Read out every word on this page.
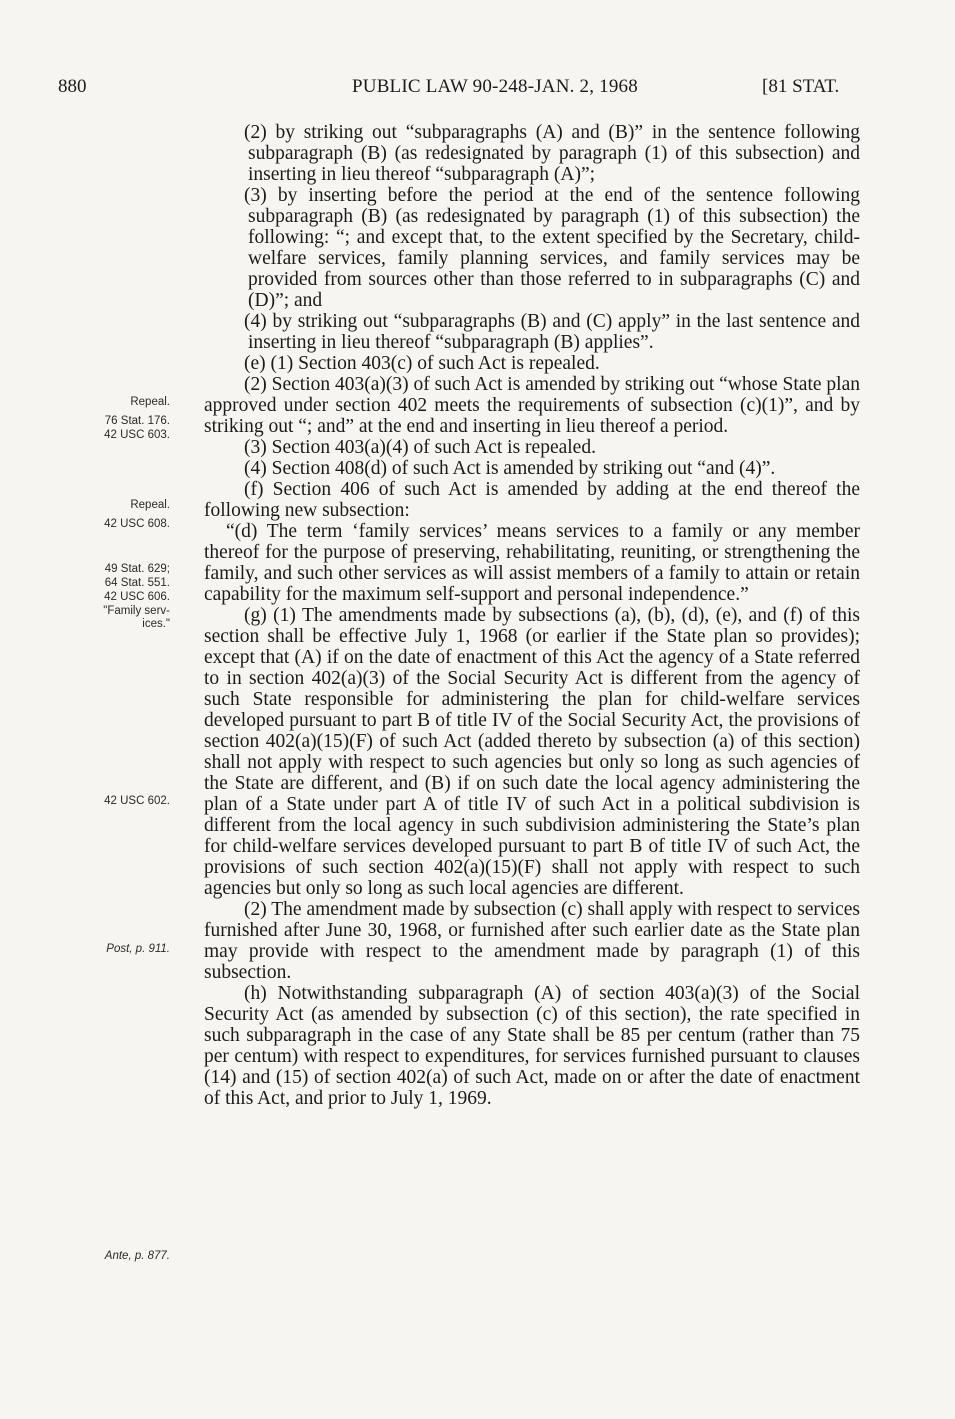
880	PUBLIC LAW 90-248-JAN. 2, 1968	[81 STAT.
Repeal.
76 Stat. 176.
42 USC 603.
Repeal.
42 USC 608.
49 Stat. 629;
64 Stat. 551.
42 USC 606.
"Family serv-
ices."
42 USC 602.
Post, p. 911.
Ante, p. 877.

(2) by striking out “subparagraphs (A) and (B)” in the sentence following subparagraph (B) (as redesignated by paragraph (1) of this subsection) and inserting in lieu thereof “subparagraph (A)”;

(3) by inserting before the period at the end of the sentence following subparagraph (B) (as redesignated by paragraph (1) of this subsection) the following: “; and except that, to the extent specified by the Secretary, child-welfare services, family planning services, and family services may be provided from sources other than those referred to in subparagraphs (C) and (D)”; and

(4) by striking out “subparagraphs (B) and (C) apply” in the last sentence and inserting in lieu thereof “subparagraph (B) applies”.

(e) (1) Section 403(c) of such Act is repealed.

(2) Section 403(a)(3) of such Act is amended by striking out “whose State plan approved under section 402 meets the requirements of subsection (c)(1)”, and by striking out “; and” at the end and inserting in lieu thereof a period.

(3) Section 403(a)(4) of such Act is repealed.

(4) Section 408(d) of such Act is amended by striking out “and (4)”.

(f) Section 406 of such Act is amended by adding at the end thereof the following new subsection:

“(d) The term ‘family services’ means services to a family or any member thereof for the purpose of preserving, rehabilitating, reuniting, or strengthening the family, and such other services as will assist members of a family to attain or retain capability for the maximum self-support and personal independence.”

(g) (1) The amendments made by subsections (a), (b), (d), (e), and (f) of this section shall be effective July 1, 1968 (or earlier if the State plan so provides); except that (A) if on the date of enactment of this Act the agency of a State referred to in section 402(a)(3) of the Social Security Act is different from the agency of such State responsible for administering the plan for child-welfare services developed pursuant to part B of title IV of the Social Security Act, the provisions of section 402(a)(15)(F) of such Act (added thereto by subsection (a) of this section) shall not apply with respect to such agencies but only so long as such agencies of the State are different, and (B) if on such date the local agency administering the plan of a State under part A of title IV of such Act in a political subdivision is different from the local agency in such subdivision administering the State’s plan for child-welfare services developed pursuant to part B of title IV of such Act, the provisions of such section 402(a)(15)(F) shall not apply with respect to such agencies but only so long as such local agencies are different.

(2) The amendment made by subsection (c) shall apply with respect to services furnished after June 30, 1968, or furnished after such earlier date as the State plan may provide with respect to the amendment made by paragraph (1) of this subsection.

(h) Notwithstanding subparagraph (A) of section 403(a)(3) of the Social Security Act (as amended by subsection (c) of this section), the rate specified in such subparagraph in the case of any State shall be 85 per centum (rather than 75 per centum) with respect to expenditures, for services furnished pursuant to clauses (14) and (15) of section 402(a) of such Act, made on or after the date of enactment of this Act, and prior to July 1, 1969.
